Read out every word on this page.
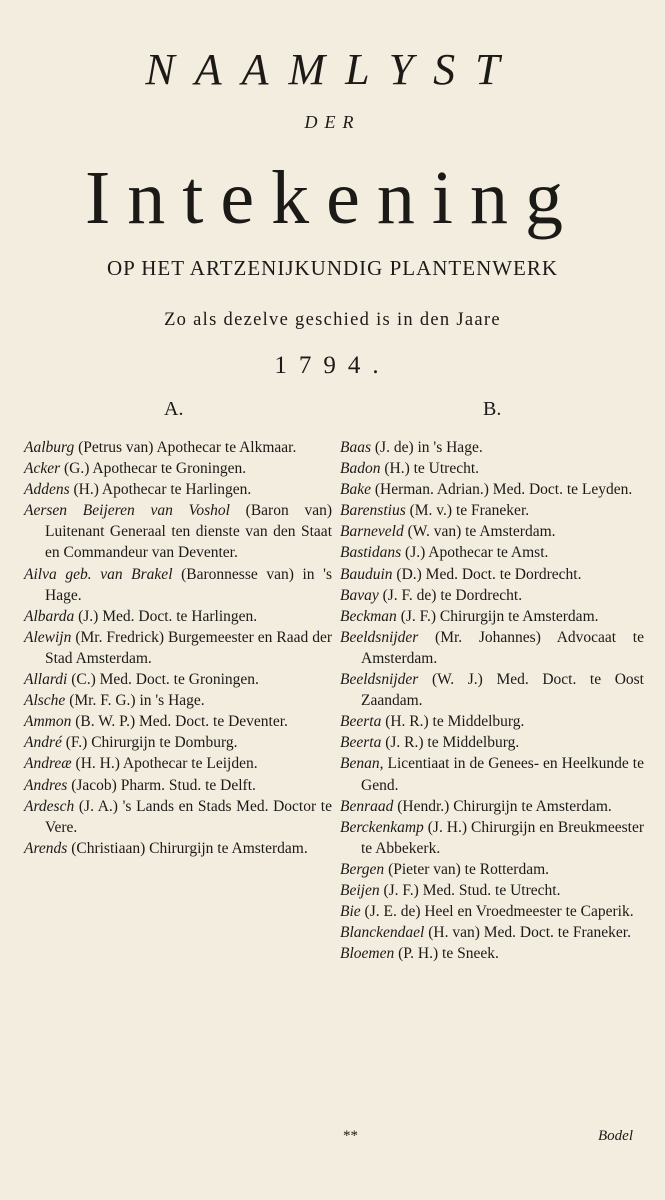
NAAMLYST
DER
Intekening
OP HET ARTZENIJKUNDIG PLANTENWERK
Zo als dezelve geschied is in den Jaare
1794.
A.	B.

Aalburg (Petrus van) Apothecar te Alkmaar.

Acker (G.) Apothecar te Groningen.

Addens (H.) Apothecar te Harlingen.

Aersen Beijeren van Voshol (Baron van) Luitenant Generaal ten dienste van den Staat en Commandeur van Deventer.

Ailva geb. van Brakel (Baronnesse van) in 's Hage.

Albarda (J.) Med. Doct. te Harlingen.

Alewijn (Mr. Fredrick) Burgemeester en Raad der Stad Amsterdam.

Allardi (C.) Med. Doct. te Groningen.

Alsche (Mr. F. G.) in 's Hage.

Ammon (B. W. P.) Med. Doct. te Deventer.

André (F.) Chirurgijn te Domburg.

Andreæ (H. H.) Apothecar te Leijden.

Andres (Jacob) Pharm. Stud. te Delft.

Ardesch (J. A.) 's Lands en Stads Med. Doctor te Vere.

Arends (Christiaan) Chirurgijn te Amsterdam.

Baas (J. de) in 's Hage.

Badon (H.) te Utrecht.

Bake (Herman. Adrian.) Med. Doct. te Leyden.

Barenstius (M. v.) te Franeker.

Barneveld (W. van) te Amsterdam.

Bastidans (J.) Apothecar te Amst.

Bauduin (D.) Med. Doct. te Dordrecht.

Bavay (J. F. de) te Dordrecht.

Beckman (J. F.) Chirurgijn te Amsterdam.

Beeldsnijder (Mr. Johannes) Advocaat te Amsterdam.

Beeldsnijder (W. J.) Med. Doct. te Oost Zaandam.

Beerta (H. R.) te Middelburg.

Beerta (J. R.) te Middelburg.

Benan, Licentiaat in de Genees- en Heelkunde te Gend.

Benraad (Hendr.) Chirurgijn te Amsterdam.

Berckenkamp (J. H.) Chirurgijn en Breukmeester te Abbekerk.

Bergen (Pieter van) te Rotterdam.

Beijen (J. F.) Med. Stud. te Utrecht.

Bie (J. E. de) Heel en Vroedmeester te Caperik.

Blanckendael (H. van) Med. Doct. te Franeker.

Bloemen (P. H.) te Sneek.

**	Bodel
